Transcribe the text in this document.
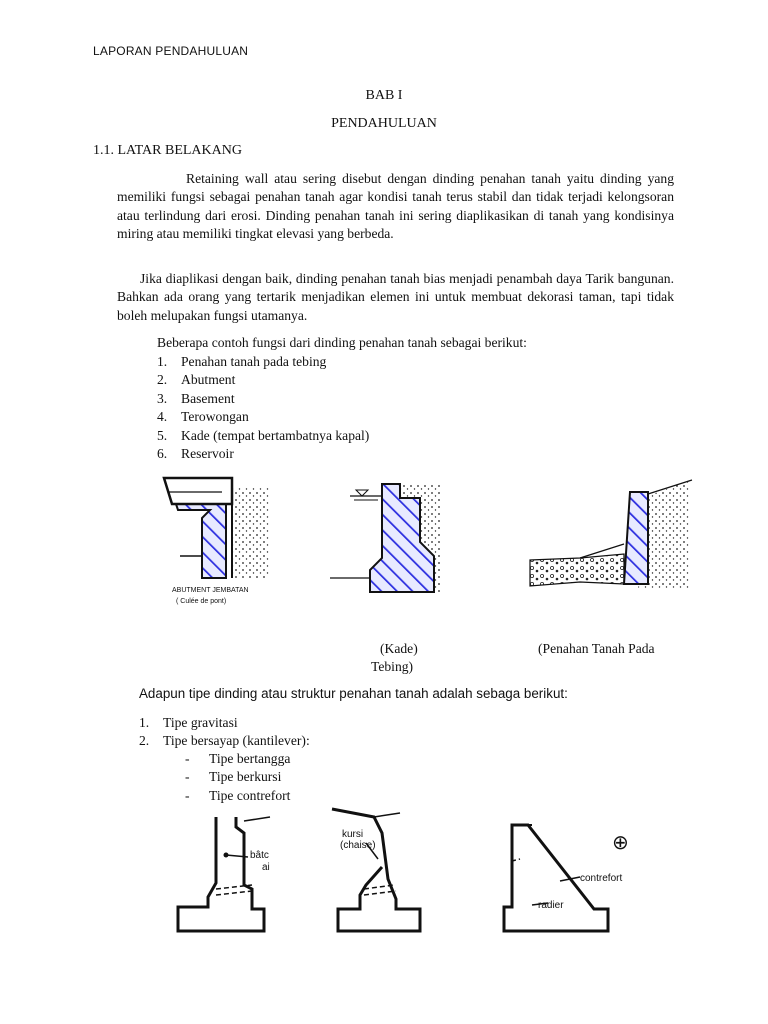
LAPORAN PENDAHULUAN
BAB I
PENDAHULUAN
1.1. LATAR BELAKANG
Retaining wall atau sering disebut dengan dinding penahan tanah yaitu dinding yang memiliki fungsi sebagai penahan tanah agar kondisi tanah terus stabil dan tidak terjadi kelongsoran atau terlindung dari erosi. Dinding penahan tanah ini sering diaplikasikan di tanah yang kondisinya miring atau memiliki tingkat elevasi yang berbeda.
Jika diaplikasi dengan baik, dinding penahan tanah bias menjadi penambah daya Tarik bangunan. Bahkan ada orang yang tertarik menjadikan elemen ini untuk membuat dekorasi taman, tapi tidak boleh melupakan fungsi utamanya.
Beberapa contoh fungsi dari dinding penahan tanah sebagai berikut:
1. Penahan tanah pada tebing
2. Abutment
3. Basement
4. Terowongan
5. Kade (tempat bertambatnya kapal)
6. Reservoir
ABUTMENT JEMBATAN
( Culée de pont)
(Kade)	(Penahan Tanah Pada
Tebing)
Adapun tipe dinding atau struktur penahan tanah adalah sebaga berikut:
1. Tipe gravitasi
2. Tipe bersayap (kantilever):
- Tipe bertangga
- Tipe berkursi
- Tipe contrefort
bâtc
ai
kursi
(chaise)
contrefort
radier
⊕
